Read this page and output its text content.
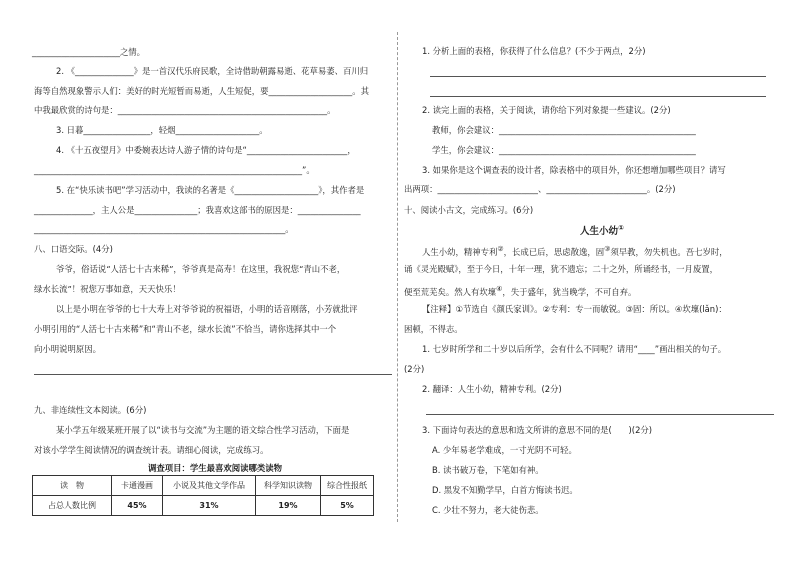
_____________________之情。
2. 《______________》是一首汉代乐府民歌，全诗借助朝露易逝、花草易萎、百川归
海等自然现象警示人们：美好的时光短暂而易逝，人生短促，要____________________。其
中我最欣赏的诗句是：__________________________________________________。
3. 日暮________________，轻烟____________________。
4. 《十五夜望月》中委婉表达诗人游子情的诗句是“________________________，
________________________________________________________________”。
5. 在“快乐读书吧”学习活动中，我读的名著是《____________________》，其作者是
______________，主人公是_______________；我喜欢这部书的原因是：_______________
____________________________________________________________。
八、口语交际。(4分)
爷爷，俗话说“人活七十古来稀”，爷爷真是高寿！在这里，我祝您“青山不老，
绿水长流”！祝您万事如意，天天快乐！
以上是小明在爷爷的七十大寿上对爷爷说的祝福语，小明的话音刚落，小芳就批评
小明引用的“人活七十古来稀”和“青山不老，绿水长流”不恰当，请你选择其中一个
向小明说明原因。
九、非连续性文本阅读。(6分)
某小学五年级某班开展了以“读书与交流”为主题的语文综合性学习活动，下面是
对该小学学生阅读情况的调查统计表。请细心阅读，完成练习。
调查项目：学生最喜欢阅读哪类读物
读　物	卡通漫画	小说及其他文学作品	科学知识读物	综合性报纸
占总人数比例	45%	31%	19%	5%
1. 分析上面的表格，你获得了什么信息？(不少于两点，2分)
2. 读完上面的表格，关于阅读，请你给下列对象提一些建议。(2分)
教师，你会建议：_______________________________________________
学生，你会建议：_______________________________________________
3. 如果你是这个调查表的设计者，除表格中的项目外，你还想增加哪些项目？请写
出两项：________________________、________________________。(2分)
十、阅读小古文，完成练习。(6分)
人生小幼①
人生小幼，精神专利②，长成已后，思虑散逸，固③须早教，勿失机也。吾七岁时，
诵《灵光殿赋》，至于今日，十年一理，犹不遗忘；二十之外，所诵经书，一月废置，
便至荒芜矣。然人有坎壈④，失于盛年，犹当晚学，不可自弃。
【注释】①节选自《颜氏家训》。②专利：专一而敏锐。③固：所以。④坎壈(lǎn)：
困顿，不得志。
1. 七岁时所学和二十岁以后所学，会有什么不同呢？请用“____”画出相关的句子。
(2分)
2. 翻译：人生小幼，精神专利。(2分)
3. 下面诗句表达的意思和选文所讲的意思不同的是(　　)(2分)
A. 少年易老学难成，一寸光阴不可轻。
B. 读书破万卷，下笔如有神。
D. 黑发不知勤学早，白首方悔读书迟。
C. 少壮不努力，老大徒伤悲。
